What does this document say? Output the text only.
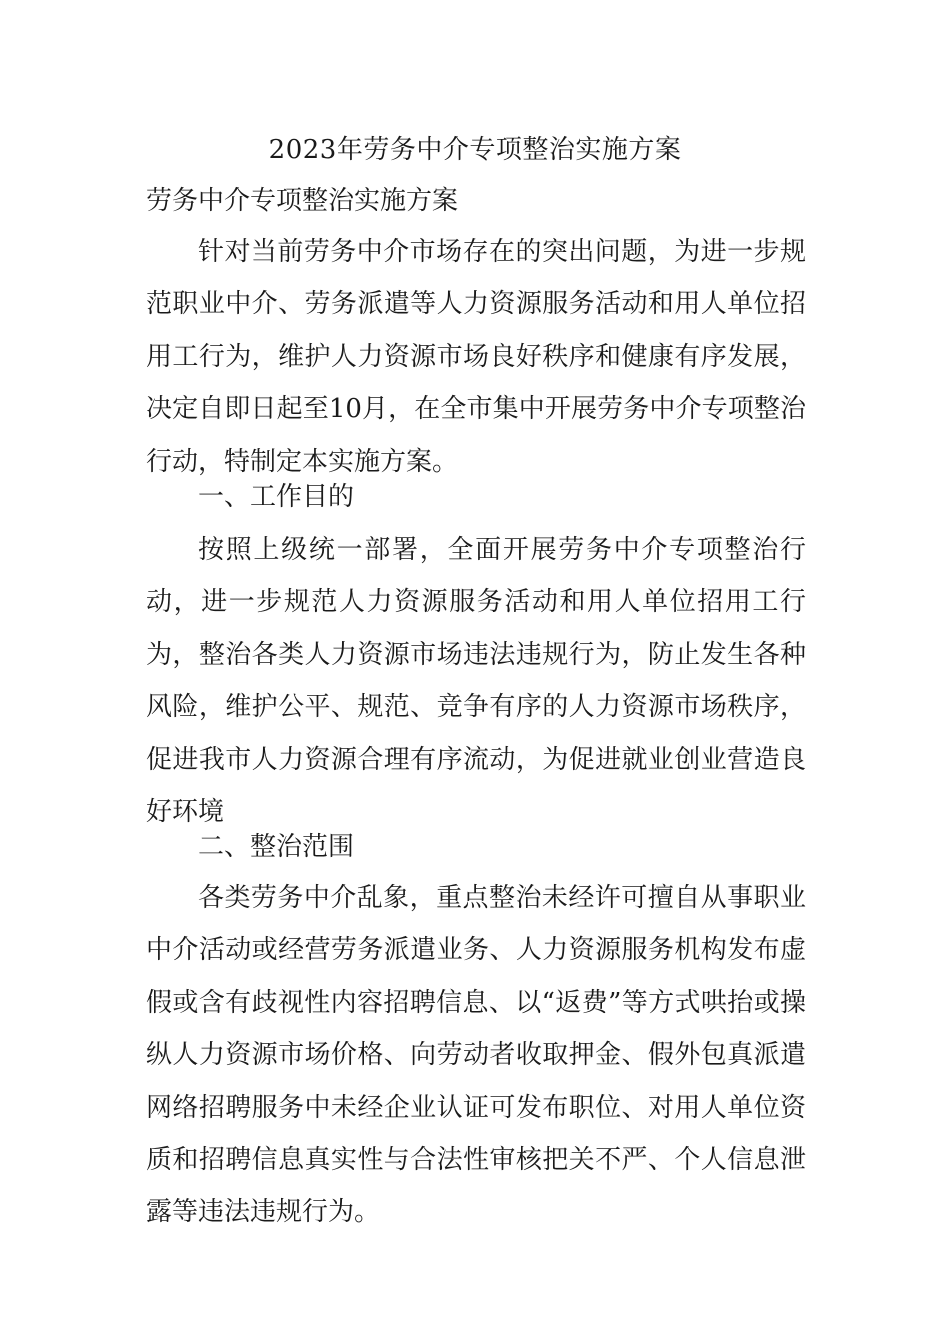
2023年劳务中介专项整治实施方案
劳务中介专项整治实施方案

针对当前劳务中介市场存在的突出问题，为进一步规范职业中介、劳务派遣等人力资源服务活动和用人单位招用工行为，维护人力资源市场良好秩序和健康有序发展，决定自即日起至10月，在全市集中开展劳务中介专项整治行动，特制定本实施方案。

一、工作目的

按照上级统一部署，全面开展劳务中介专项整治行动，进一步规范人力资源服务活动和用人单位招用工行为，整治各类人力资源市场违法违规行为，防止发生各种风险，维护公平、规范、竞争有序的人力资源市场秩序，促进我市人力资源合理有序流动，为促进就业创业营造良好环境

二、整治范围

各类劳务中介乱象，重点整治未经许可擅自从事职业中介活动或经营劳务派遣业务、人力资源服务机构发布虚假或含有歧视性内容招聘信息、以“返费”等方式哄抬或操纵人力资源市场价格、向劳动者收取押金、假外包真派遣网络招聘服务中未经企业认证可发布职位、对用人单位资质和招聘信息真实性与合法性审核把关不严、个人信息泄露等违法违规行为。
